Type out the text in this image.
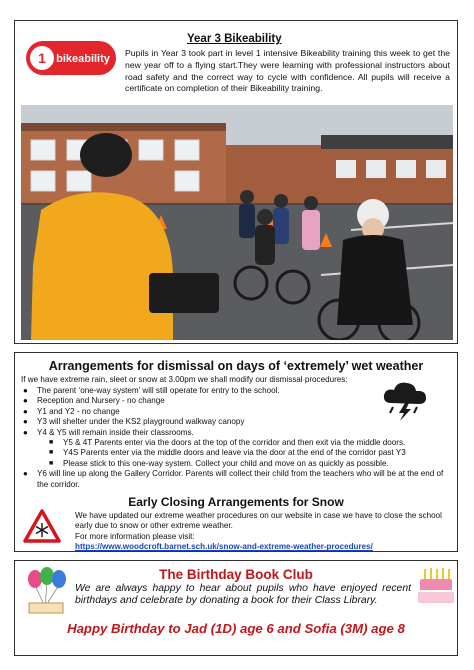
1 bikeability
Year 3 Bikeability
Pupils in Year 3 took part in level 1 intensive Bikeability training this week to get the new year off to a flying start.They were learning with professional instructors about road safety and the correct way to cycle with confidence. All pupils will receive a certificate on completion of their Bikeability training.
Arrangements for dismissal on days of ‘extremely’ wet weather
If we have extreme rain, sleet or snow at 3.00pm we shall modify our dismissal procedures:
● The parent ‘one-way system’ will still operate for entry to the school.
● Reception and Nursery - no change
● Y1 and Y2 - no change
● Y3 will shelter under the KS2 playground walkway canopy
● Y4 & Y5 will remain inside their classrooms.
■ Y5 & 4T Parents enter via the doors at the top of the corridor and then exit via the middle doors.
■ Y4S Parents enter via the middle doors and leave via the door at the end of the corridor past Y3
■ Please stick to this one-way system. Collect your child and move on as quickly as possible.
● Y6 will line up along the Gallery Corridor. Parents will collect their child from the teachers who will be at the end of the corridor.
Early Closing Arrangements for Snow
We have updated our extreme weather procedures on our website in case we have to close the school early due to snow or other extreme weather.
For more information please visit:
https://www.woodcroft.barnet.sch.uk/snow-and-extreme-weather-procedures/
The Birthday Book Club
We are always happy to hear about pupils who have enjoyed recent birthdays and celebrate by donating a book for their Class Library.
Happy Birthday to Jad (1D) age 6 and Sofia (3M) age 8
